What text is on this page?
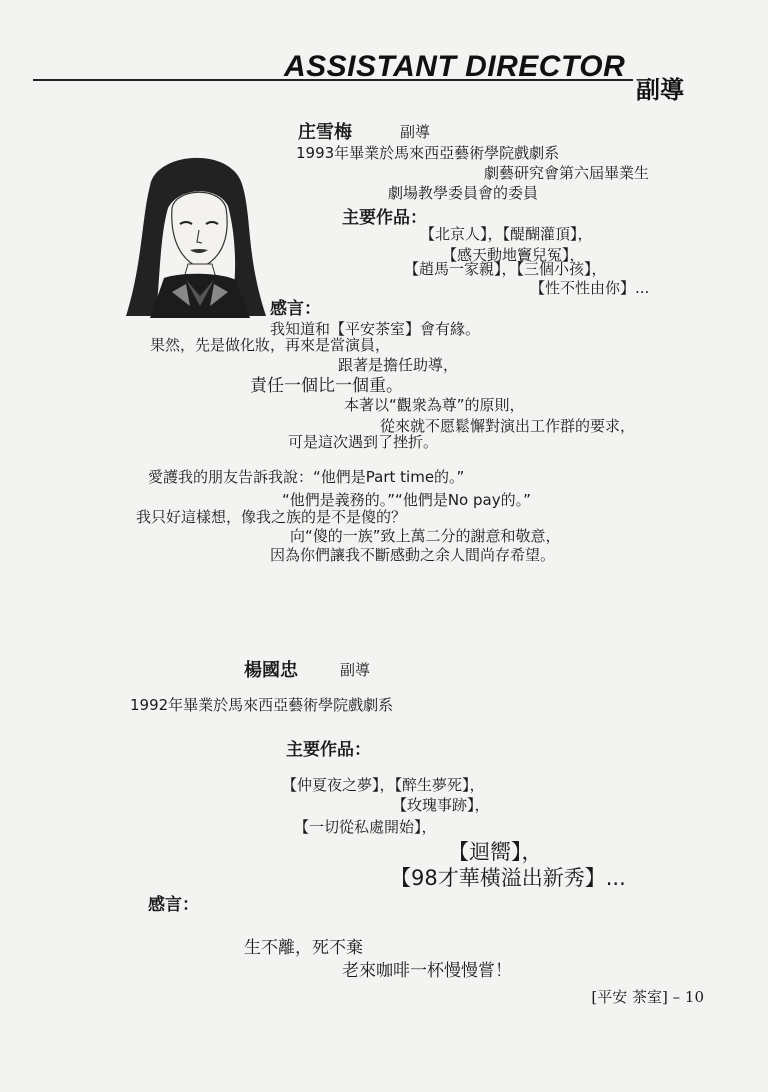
ASSISTANT DIRECTOR
副導
庄雪梅	副導
1993年畢業於馬來西亞藝術學院戲劇系
劇藝研究會第六屆畢業生
劇場教學委員會的委員
主要作品：
【北京人】，【醍醐灌頂】，
【感天動地竇兒冤】，
【趙馬一家親】，【三個小孩】，
【性不性由你】...
感言：
我知道和【平安茶室】會有緣。
果然，先是做化妝，再來是當演員，
跟著是擔任助導，
責任一個比一個重。
本著以“觀衆為尊”的原則，
從來就不愿鬆懈對演出工作群的要求，
可是這次遇到了挫折。
愛護我的朋友告訴我說：“他們是Part time的。”
“他們是義務的。”“他們是No pay的。”
我只好這樣想，像我之族的是不是傻的？
向“傻的一族”致上萬二分的謝意和敬意，
因為你們讓我不斷感動之余人間尚存希望。
楊國忠	副導
1992年畢業於馬來西亞藝術學院戲劇系
主要作品：
【仲夏夜之夢】，【醉生夢死】，
【玫瑰事跡】，
【一切從私處開始】，
【迴嚮】，
【98才華橫溢出新秀】...
感言：
生不離，死不棄
老來咖啡一杯慢慢嘗！
[平安 茶室] – 10
